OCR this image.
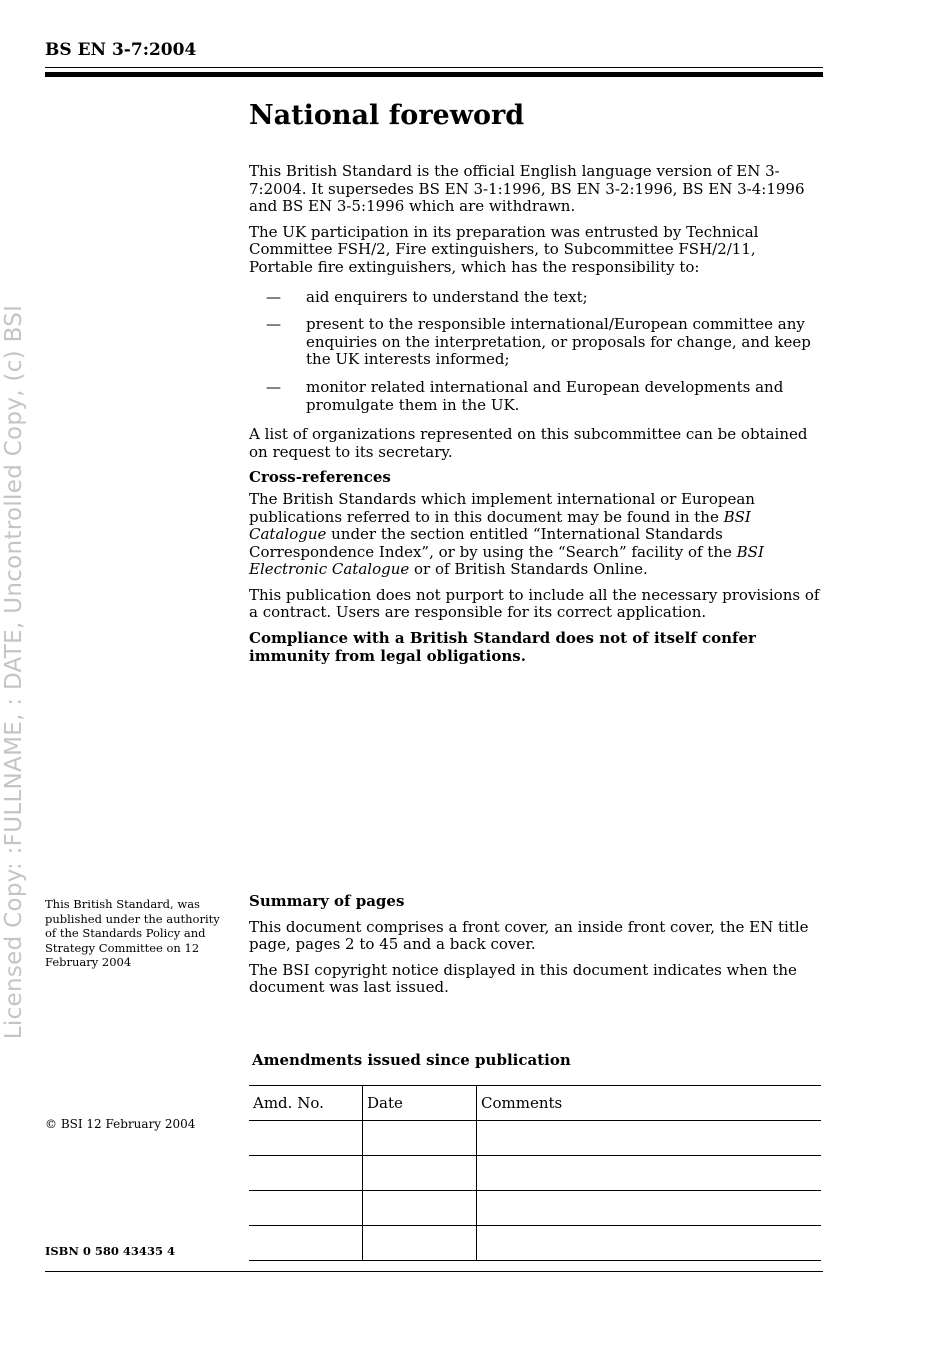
BS EN 3-7:2004
Licensed Copy: :FULLNAME, : DATE, Uncontrolled Copy, (c) BSI
National foreword

This British Standard is the official English language version of EN 3-7:2004. It supersedes BS EN 3-1:1996, BS EN 3-2:1996, BS EN 3-4:1996 and BS EN 3-5:1996 which are withdrawn.

The UK participation in its preparation was entrusted by Technical Committee FSH/2, Fire extinguishers, to Subcommittee FSH/2/11, Portable fire extinguishers, which has the responsibility to:

— aid enquirers to understand the text;
— present to the responsible international/European committee any enquiries on the interpretation, or proposals for change, and keep the UK interests informed;
— monitor related international and European developments and promulgate them in the UK.

A list of organizations represented on this subcommittee can be obtained on request to its secretary.

Cross-references

The British Standards which implement international or European publications referred to in this document may be found in the BSI Catalogue under the section entitled “International Standards Correspondence Index”, or by using the “Search” facility of the BSI Electronic Catalogue or of British Standards Online.

This publication does not purport to include all the necessary provisions of a contract. Users are responsible for its correct application.

Compliance with a British Standard does not of itself confer immunity from legal obligations.

This British Standard, was published under the authority of the Standards Policy and Strategy Committee on 12 February 2004
Summary of pages

This document comprises a front cover, an inside front cover, the EN title page, pages 2 to 45 and a back cover.

The BSI copyright notice displayed in this document indicates when the document was last issued.

Amendments issued since publication
Amd. No.	Date	Comments

© BSI 12 February 2004
ISBN 0 580 43435 4
